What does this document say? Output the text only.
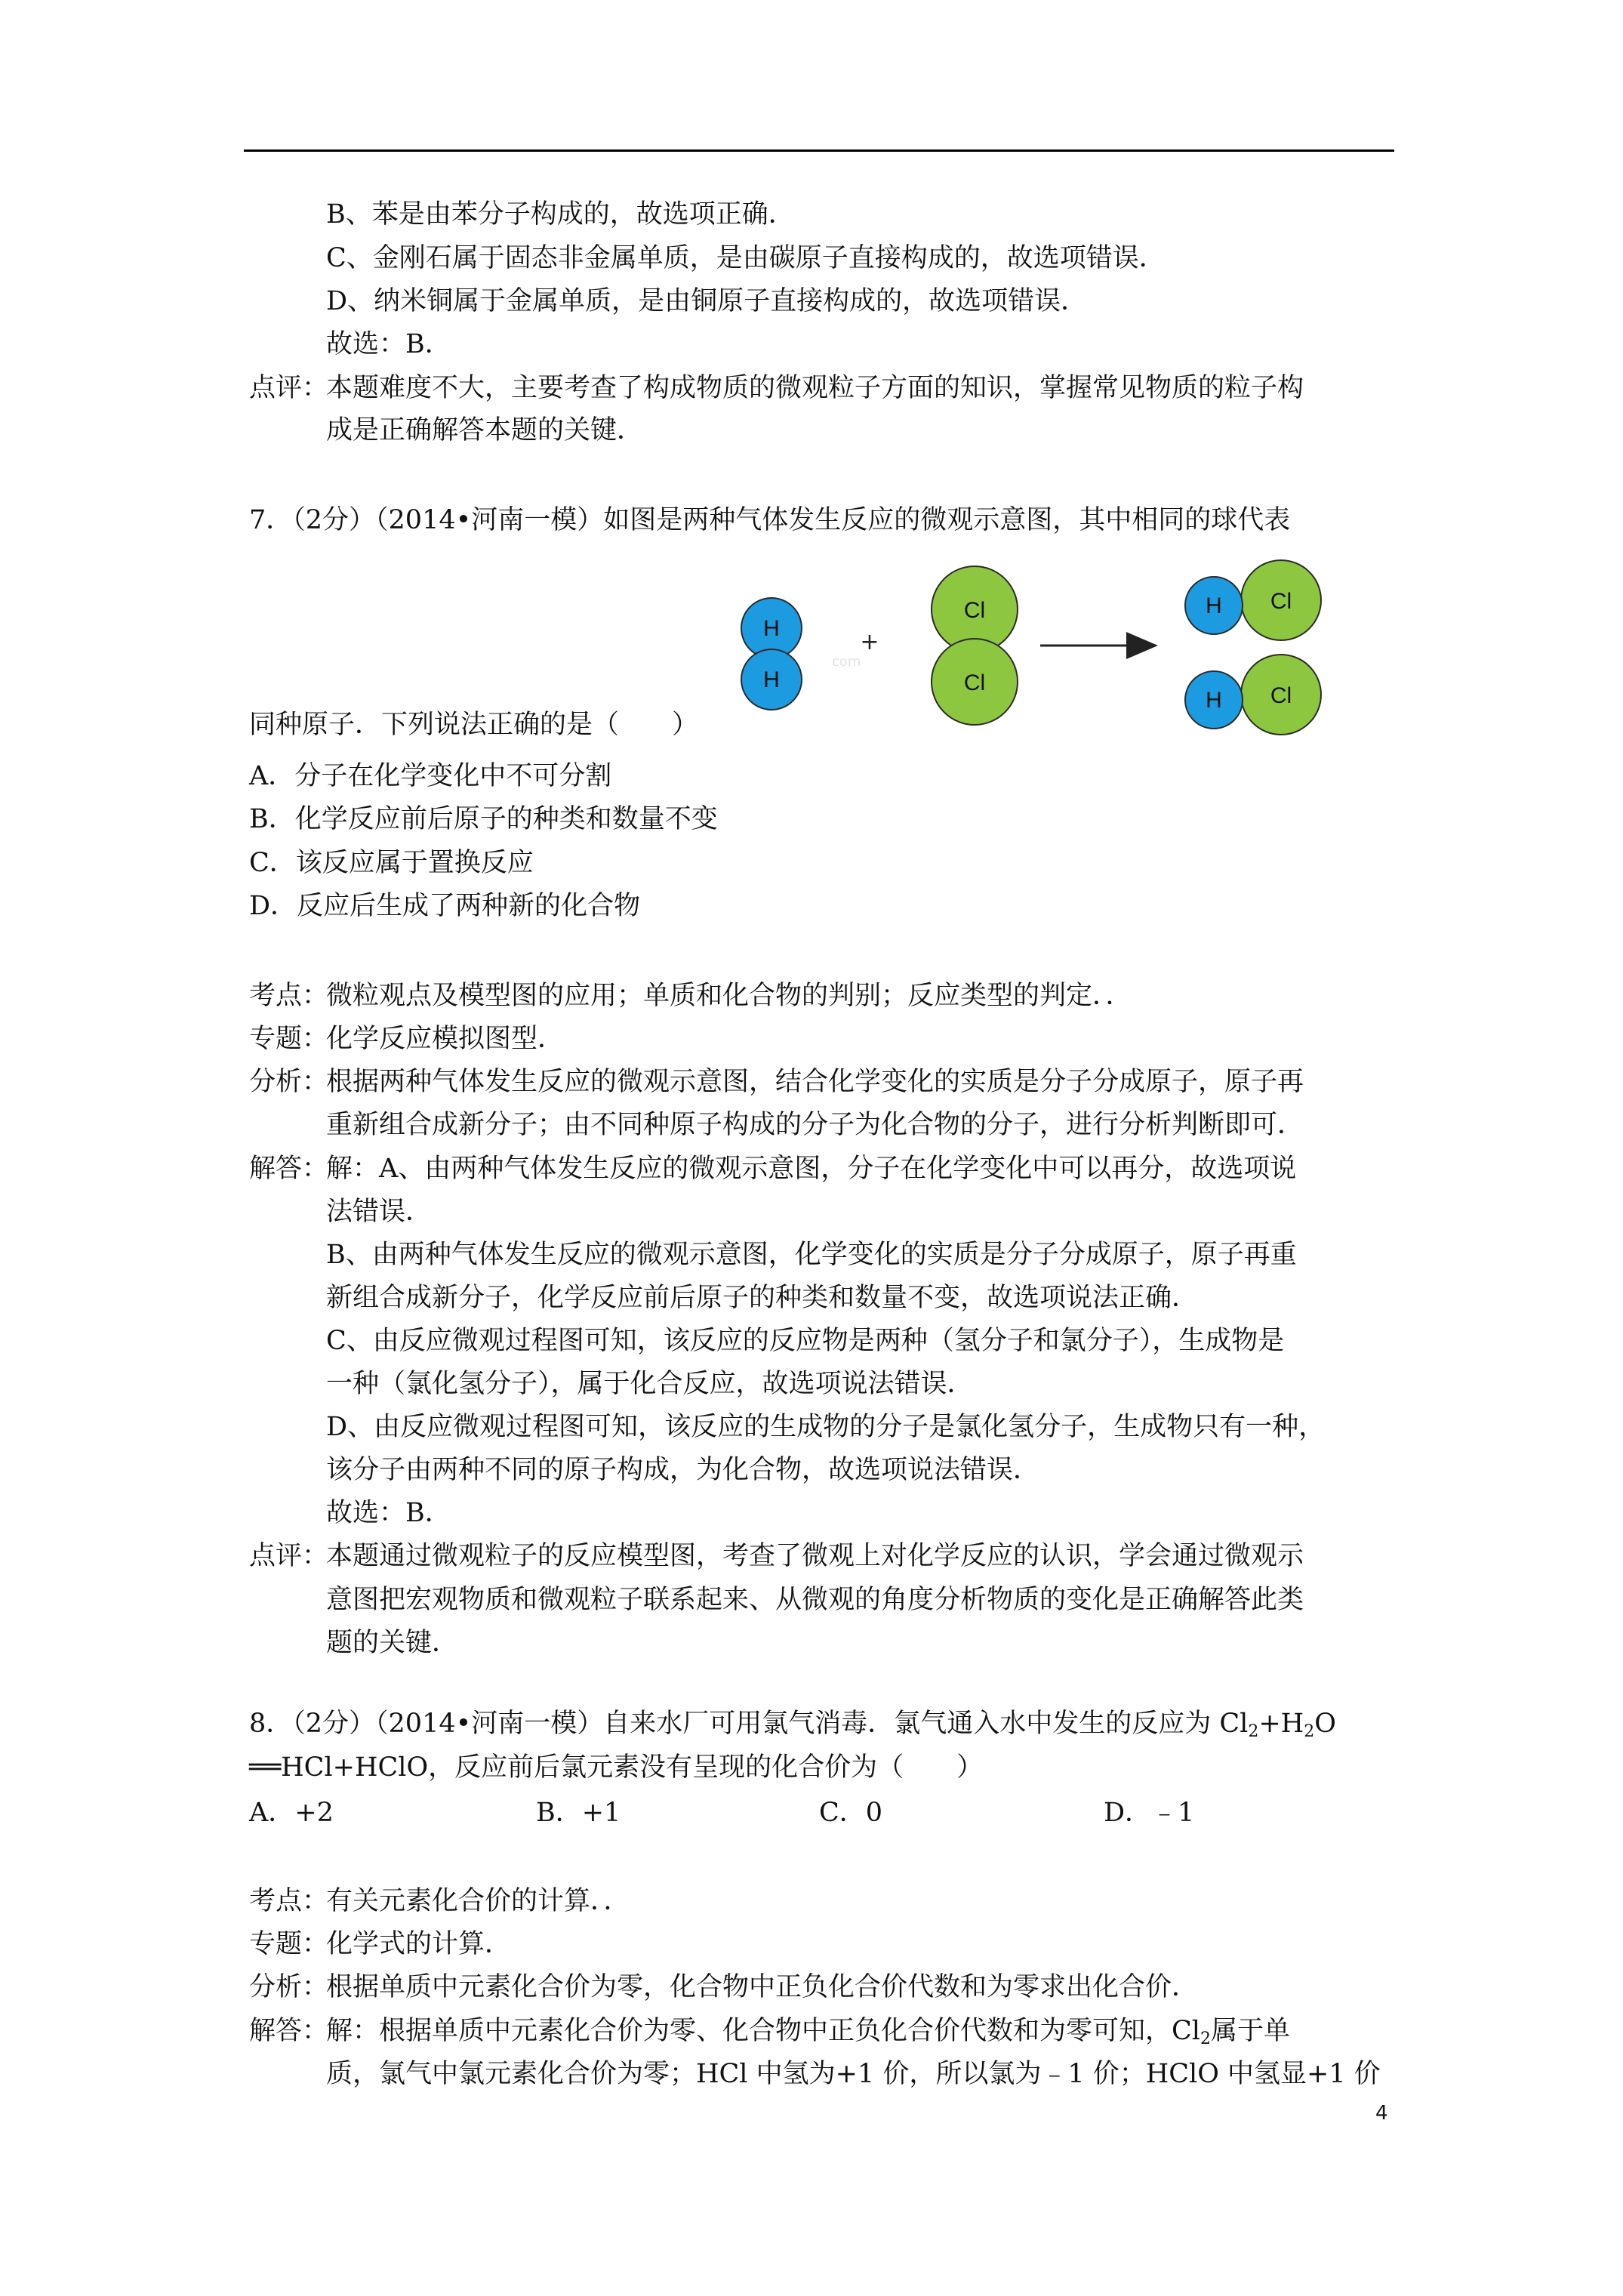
B、苯是由苯分子构成的，故选项正确．
C、金刚石属于固态非金属单质，是由碳原子直接构成的，故选项错误．
D、纳米铜属于金属单质，是由铜原子直接构成的，故选项错误．
故选：B．
点评：
本题难度不大，主要考查了构成物质的微观粒子方面的知识，掌握常见物质的粒子构
成是正确解答本题的关键．
7．（2分）（2014•河南一模）如图是两种气体发生反应的微观示意图，其中相同的球代表
H
H
+
com
Cl
Cl
H Cl
H Cl
同种原子．下列说法正确的是（　　）
A．分子在化学变化中不可分割
B．化学反应前后原子的种类和数量不变
C．该反应属于置换反应
D．反应后生成了两种新的化合物
考点：
微粒观点及模型图的应用；单质和化合物的判别；反应类型的判定．．
专题：
化学反应模拟图型．
分析：
根据两种气体发生反应的微观示意图，结合化学变化的实质是分子分成原子，原子再
重新组合成新分子；由不同种原子构成的分子为化合物的分子，进行分析判断即可．
解答：
解：A、由两种气体发生反应的微观示意图，分子在化学变化中可以再分，故选项说
法错误．
B、由两种气体发生反应的微观示意图，化学变化的实质是分子分成原子，原子再重
新组合成新分子，化学反应前后原子的种类和数量不变，故选项说法正确．
C、由反应微观过程图可知，该反应的反应物是两种（氢分子和氯分子），生成物是
一种（氯化氢分子），属于化合反应，故选项说法错误．
D、由反应微观过程图可知，该反应的生成物的分子是氯化氢分子，生成物只有一种，
该分子由两种不同的原子构成，为化合物，故选项说法错误．
故选：B．
点评：
本题通过微观粒子的反应模型图，考查了微观上对化学反应的认识，学会通过微观示
意图把宏观物质和微观粒子联系起来、从微观的角度分析物质的变化是正确解答此类
题的关键．
8．（2分）（2014•河南一模）自来水厂可用氯气消毒．氯气通入水中发生的反应为 $Cl_2+H_2O$
══HCl+HClO，反应前后氯元素没有呈现的化合价为（　　）
A．+2	B．+1	C．0	D．﹣1
考点：
有关元素化合价的计算．．
专题：
化学式的计算．
分析：
根据单质中元素化合价为零，化合物中正负化合价代数和为零求出化合价．
解答：
解：根据单质中元素化合价为零、化合物中正负化合价代数和为零可知，$Cl_2$属于单
质，氯气中氯元素化合价为零；HCl 中氢为+1 价，所以氯为﹣1 价；HClO 中氢显+1 价
4
